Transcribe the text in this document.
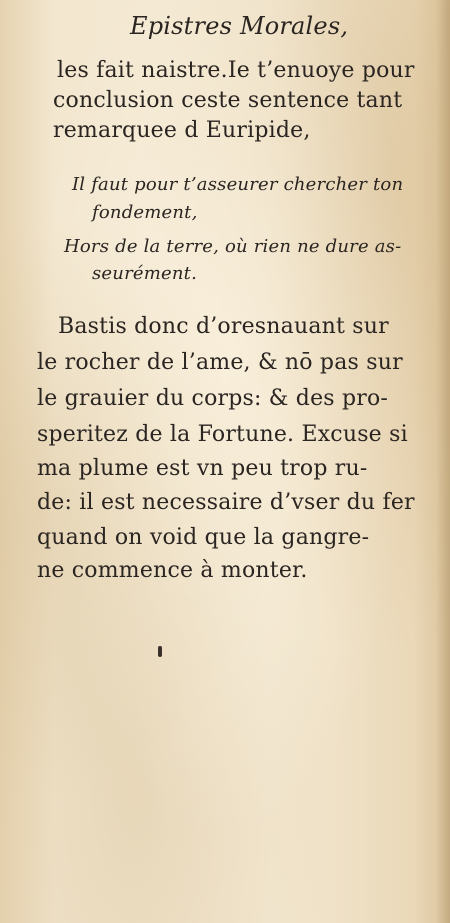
Epistres Morales,
les fait naistre.Ie t’enuoye pour
conclusion ceste sentence tant
remarquee d Euripide,
Il faut pour t’asseurer chercher ton
fondement,
Hors de la terre, où rien ne dure as-
seurément.
Bastis donc d’oresnauant sur
le rocher de l’ame, & nō pas sur
le grauier du corps: & des pro-
speritez de la Fortune. Excuse si
ma plume est vn peu trop ru-
de: il est necessaire d’vser du fer
quand on void que la gangre-
ne commence à monter.
